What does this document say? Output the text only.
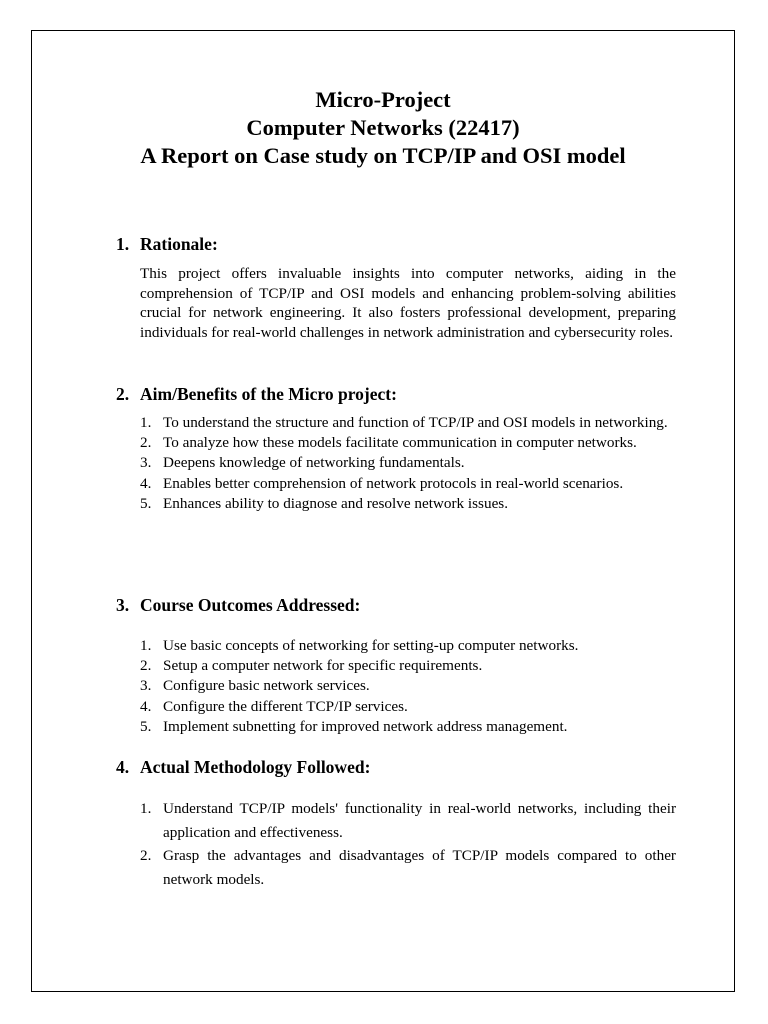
Micro-Project
Computer Networks (22417)
A Report on Case study on TCP/IP and OSI model
1. Rationale:
This project offers invaluable insights into computer networks, aiding in the comprehension of TCP/IP and OSI models and enhancing problem-solving abilities crucial for network engineering. It also fosters professional development, preparing individuals for real-world challenges in network administration and cybersecurity roles.
2. Aim/Benefits of the Micro project:
1. To understand the structure and function of TCP/IP and OSI models in networking.
2. To analyze how these models facilitate communication in computer networks.
3. Deepens knowledge of networking fundamentals.
4. Enables better comprehension of network protocols in real-world scenarios.
5. Enhances ability to diagnose and resolve network issues.
3. Course Outcomes Addressed:
1. Use basic concepts of networking for setting-up computer networks.
2. Setup a computer network for specific requirements.
3. Configure basic network services.
4. Configure the different TCP/IP services.
5. Implement subnetting for improved network address management.
4. Actual Methodology Followed:
1. Understand TCP/IP models' functionality in real-world networks, including their application and effectiveness.
2. Grasp the advantages and disadvantages of TCP/IP models compared to other network models.
